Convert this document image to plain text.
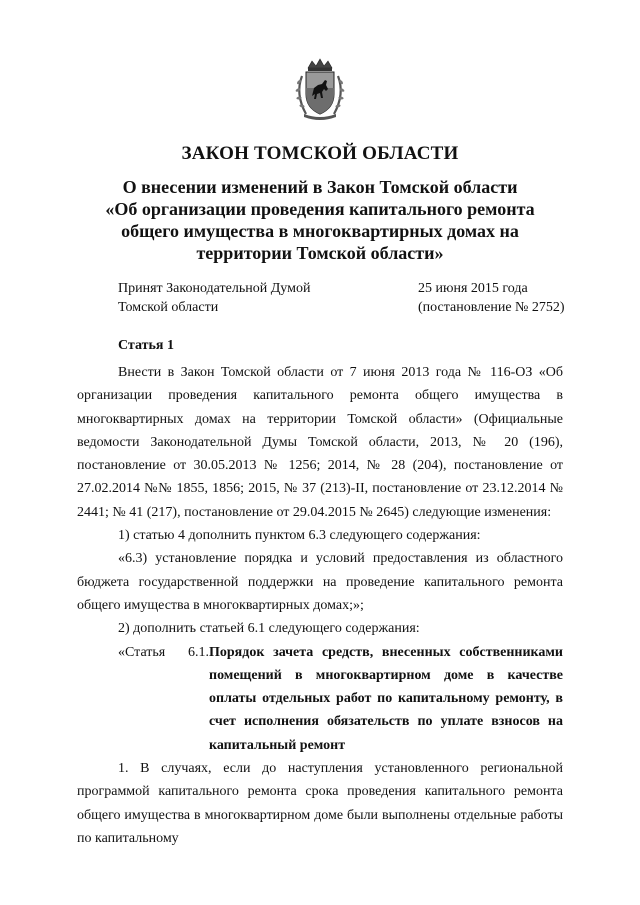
ЗАКОН ТОМСКОЙ ОБЛАСТИ
О внесении изменений в Закон Томской области
«Об организации проведения капитального ремонта
общего имущества в многоквартирных домах на
территории Томской области»
Принят Законодательной Думой
Томской области
25 июня 2015 года
(постановление № 2752)
Статья 1

Внести в Закон Томской области от 7 июня 2013 года № 116-ОЗ «Об организации проведения капитального ремонта общего имущества в многоквартирных домах на территории Томской области» (Официальные ведомости Законодательной Думы Томской области, 2013, № 20 (196), постановление от 30.05.2013 № 1256; 2014, № 28 (204), постановление от 27.02.2014 №№ 1855, 1856; 2015, № 37 (213)-II, постановление от 23.12.2014 № 2441; № 41 (217), постановление от 29.04.2015 № 2645) следующие изменения:

1) статью 4 дополнить пунктом 6.3 следующего содержания:

«6.3) установление порядка и условий предоставления из областного бюджета государственной поддержки на проведение капитального ремонта общего имущества в многоквартирных домах;»;

2) дополнить статьей 6.1 следующего содержания:

«Статья 6.1. Порядок зачета средств, внесенных собственниками помещений в многоквартирном доме в качестве оплаты отдельных работ по капитальному ремонту, в счет исполнения обязательств по уплате взносов на капитальный ремонт

1. В случаях, если до наступления установленного региональной программой капитального ремонта срока проведения капитального ремонта общего имущества в многоквартирном доме были выполнены отдельные работы по капитальному
